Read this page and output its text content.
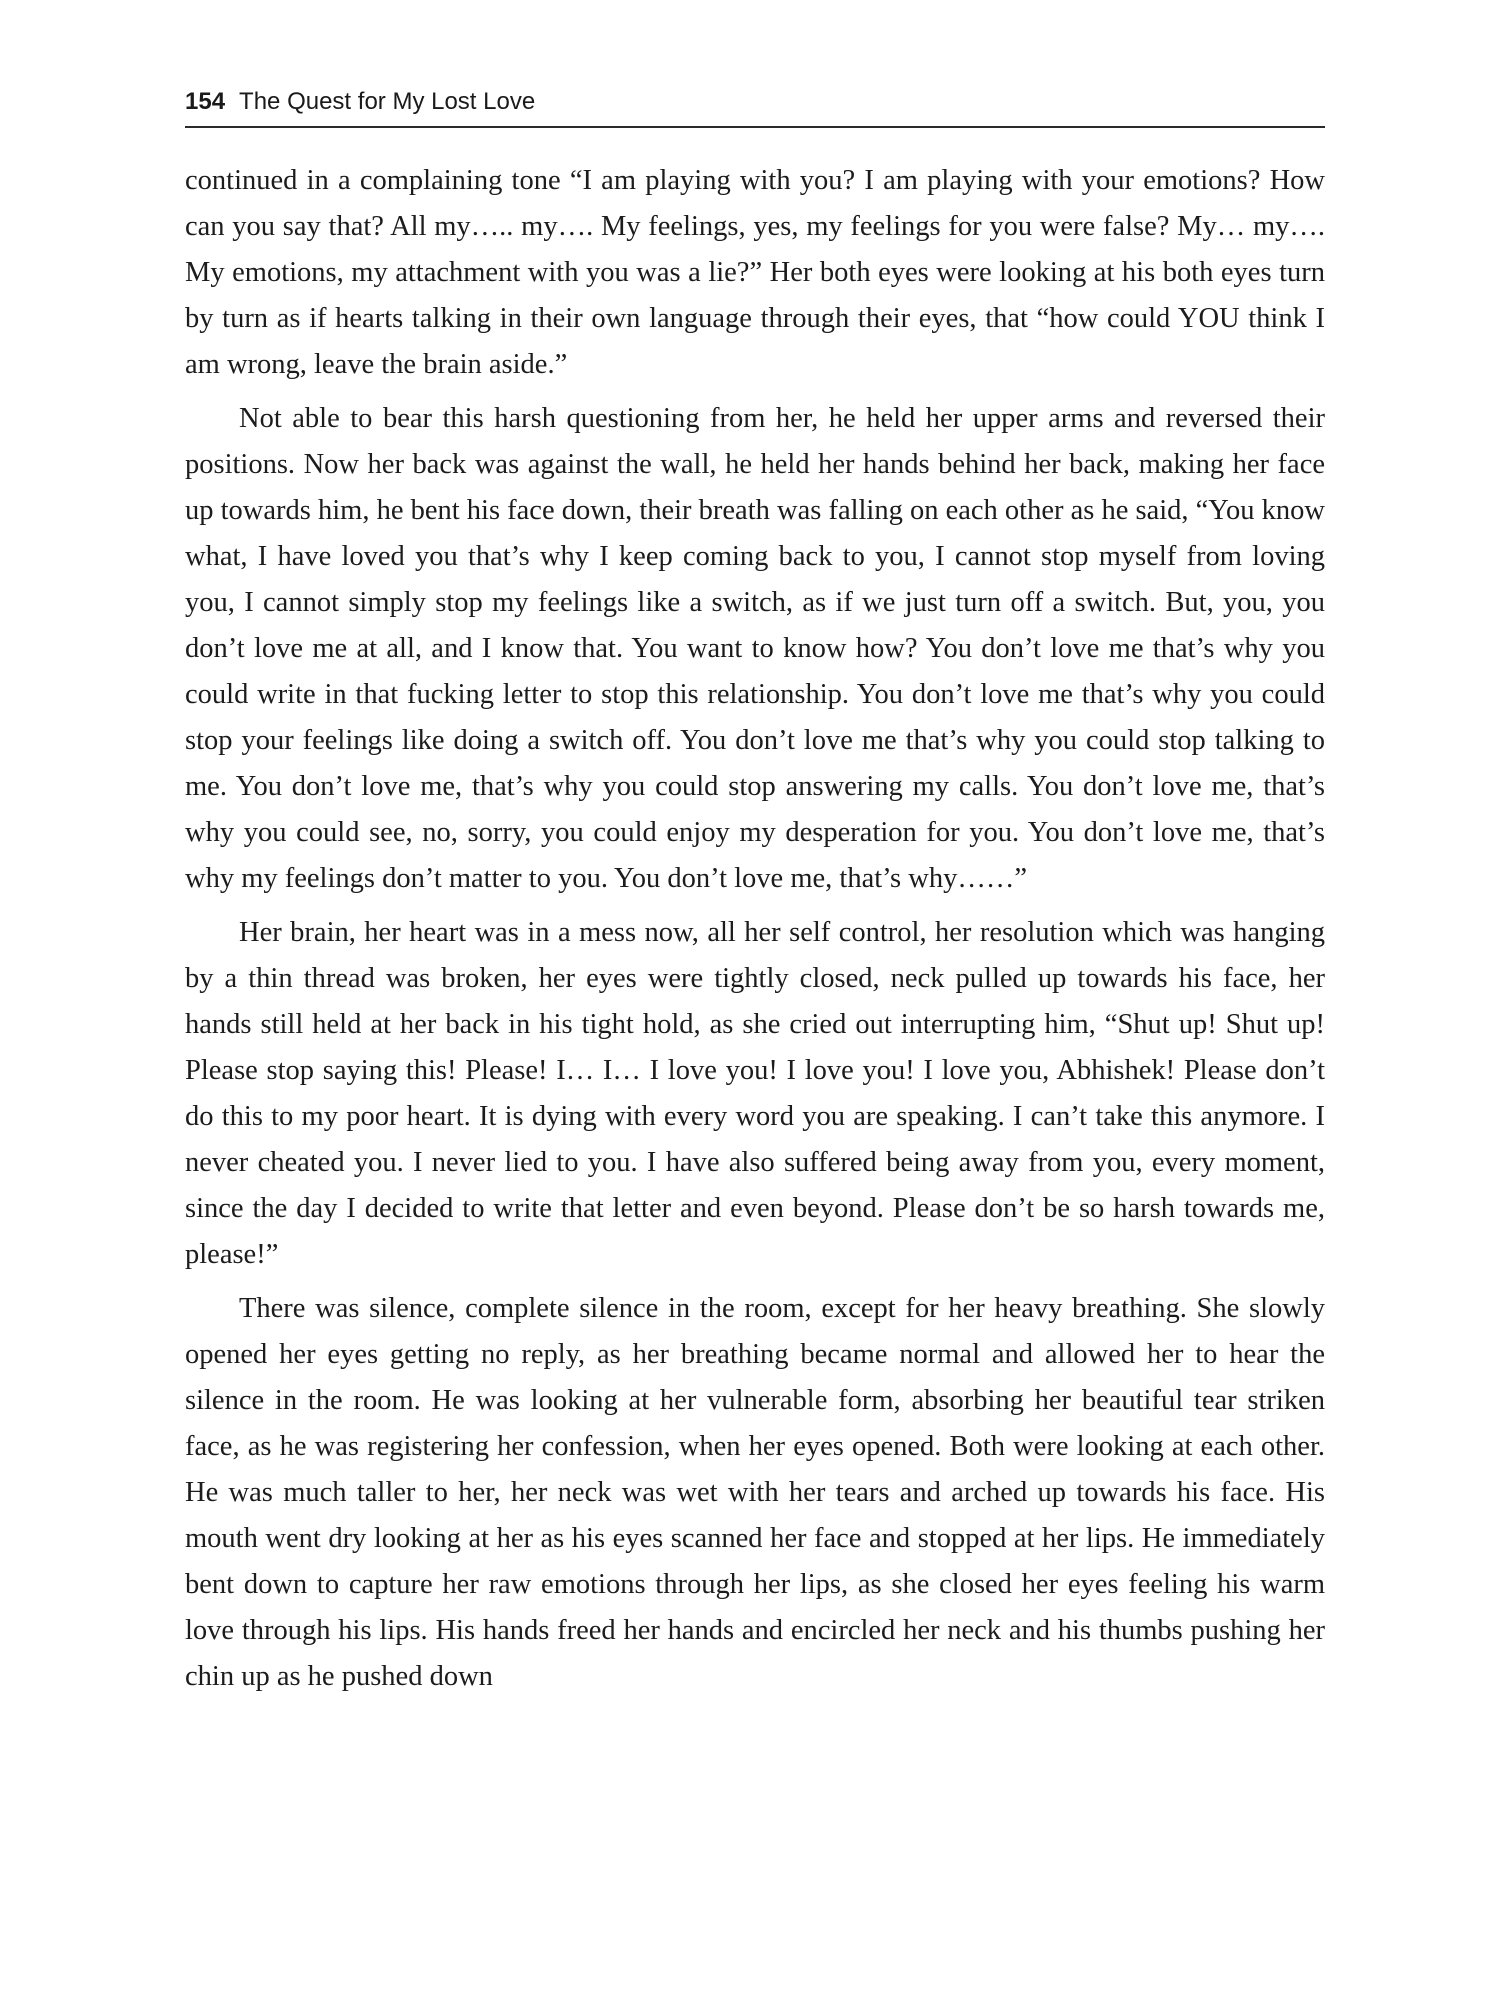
154 The Quest for My Lost Love

continued in a complaining tone “I am playing with you? I am playing with your emotions? How can you say that? All my….. my…. My feelings, yes, my feelings for you were false? My… my…. My emotions, my attachment with you was a lie?” Her both eyes were looking at his both eyes turn by turn as if hearts talking in their own language through their eyes, that “how could YOU think I am wrong, leave the brain aside.”

Not able to bear this harsh questioning from her, he held her upper arms and reversed their positions. Now her back was against the wall, he held her hands behind her back, making her face up towards him, he bent his face down, their breath was falling on each other as he said, “You know what, I have loved you that’s why I keep coming back to you, I cannot stop myself from loving you, I cannot simply stop my feelings like a switch, as if we just turn off a switch. But, you, you don’t love me at all, and I know that. You want to know how? You don’t love me that’s why you could write in that fucking letter to stop this relationship. You don’t love me that’s why you could stop your feelings like doing a switch off. You don’t love me that’s why you could stop talking to me. You don’t love me, that’s why you could stop answering my calls. You don’t love me, that’s why you could see, no, sorry, you could enjoy my desperation for you. You don’t love me, that’s why my feelings don’t matter to you. You don’t love me, that’s why……”

Her brain, her heart was in a mess now, all her self control, her resolution which was hanging by a thin thread was broken, her eyes were tightly closed, neck pulled up towards his face, her hands still held at her back in his tight hold, as she cried out interrupting him, “Shut up! Shut up! Please stop saying this! Please! I… I… I love you! I love you! I love you, Abhishek! Please don’t do this to my poor heart. It is dying with every word you are speaking. I can’t take this anymore. I never cheated you. I never lied to you. I have also suffered being away from you, every moment, since the day I decided to write that letter and even beyond. Please don’t be so harsh towards me, please!”

There was silence, complete silence in the room, except for her heavy breathing. She slowly opened her eyes getting no reply, as her breathing became normal and allowed her to hear the silence in the room. He was looking at her vulnerable form, absorbing her beautiful tear striken face, as he was registering her confession, when her eyes opened. Both were looking at each other. He was much taller to her, her neck was wet with her tears and arched up towards his face. His mouth went dry looking at her as his eyes scanned her face and stopped at her lips. He immediately bent down to capture her raw emotions through her lips, as she closed her eyes feeling his warm love through his lips. His hands freed her hands and encircled her neck and his thumbs pushing her chin up as he pushed down
